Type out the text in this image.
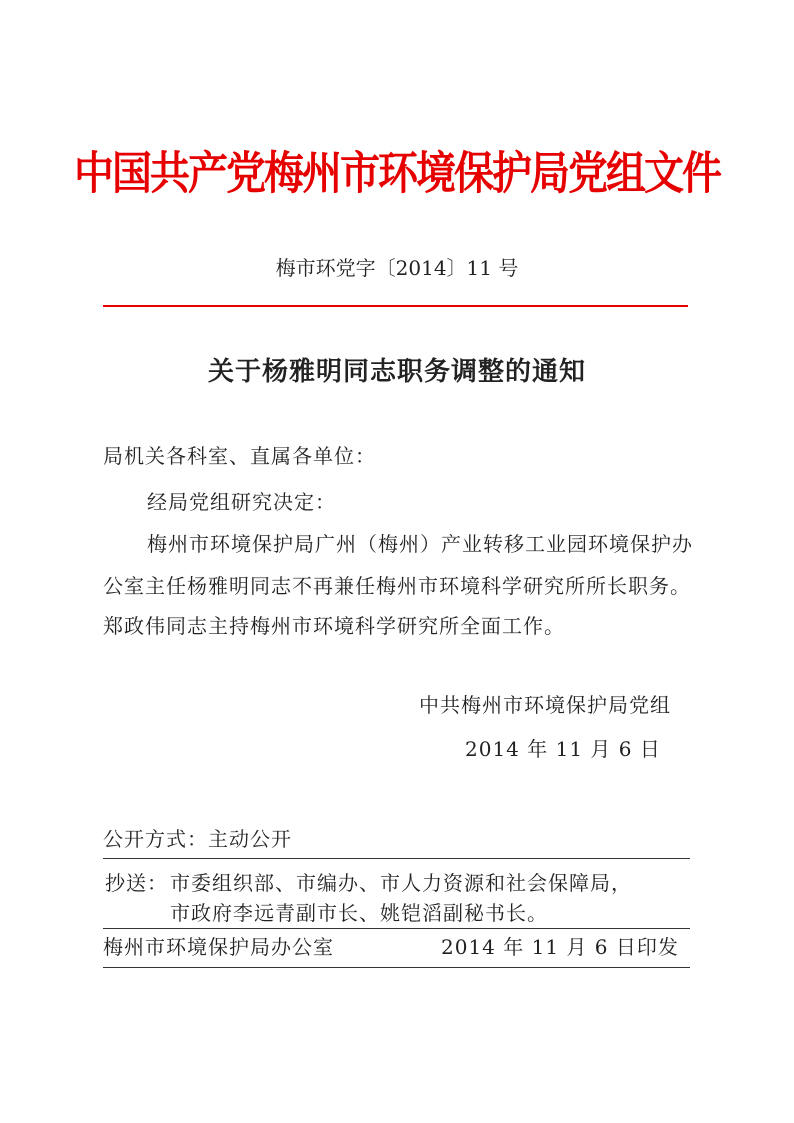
中国共产党梅州市环境保护局党组文件
梅市环党字〔2014〕11 号
关于杨雅明同志职务调整的通知
局机关各科室、直属各单位：
经局党组研究决定：
梅州市环境保护局广州（梅州）产业转移工业园环境保护办
公室主任杨雅明同志不再兼任梅州市环境科学研究所所长职务。
郑政伟同志主持梅州市环境科学研究所全面工作。
中共梅州市环境保护局党组
2014 年 11 月 6 日
公开方式：主动公开
抄送： 市委组织部、市编办、市人力资源和社会保障局，
市政府李远青副市长、姚铠滔副秘书长。
梅州市环境保护局办公室	2014 年 11 月 6 日印发
